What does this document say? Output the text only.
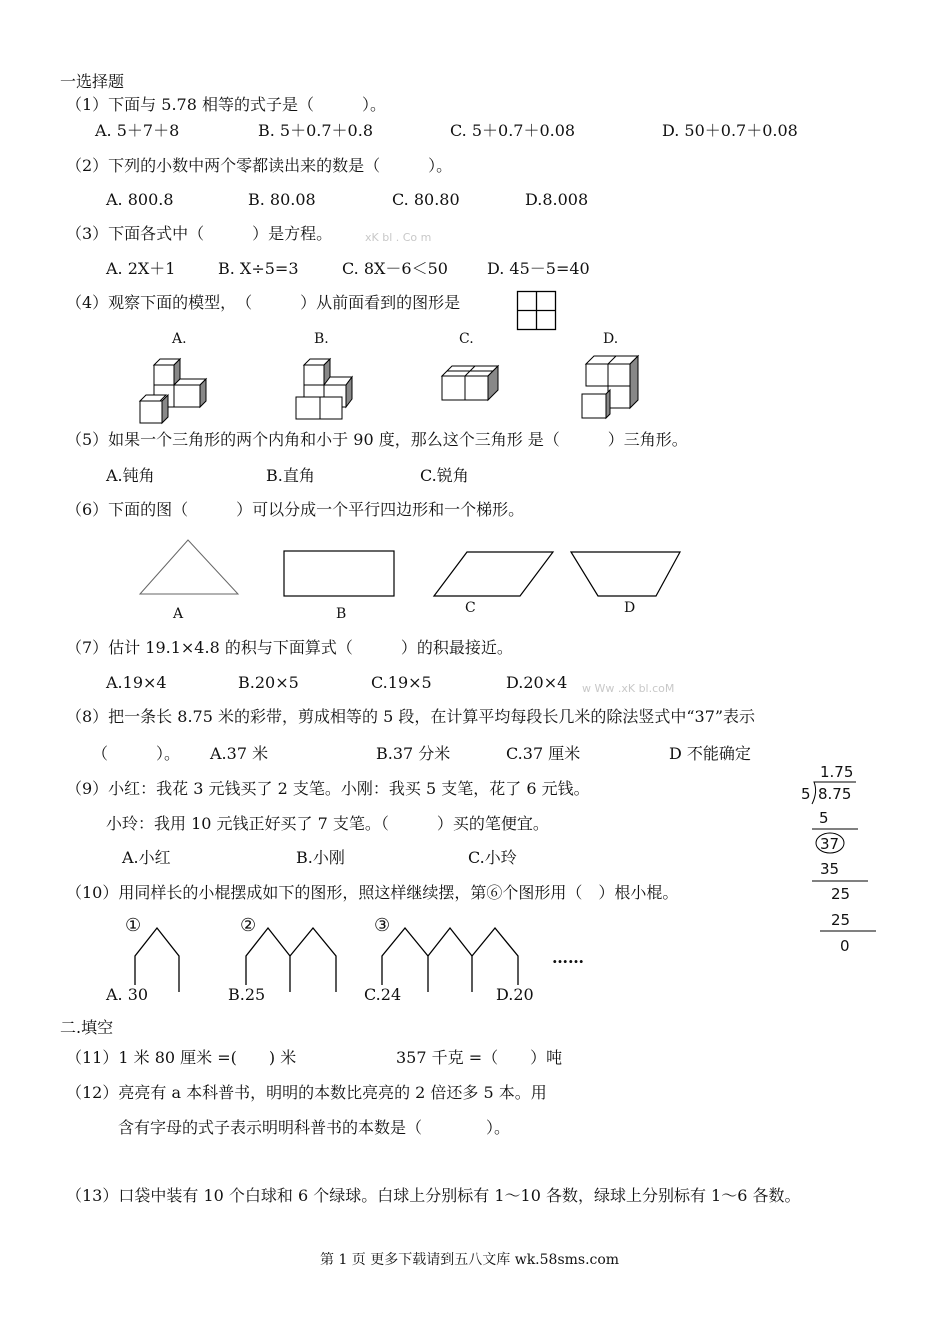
一选择题
（1）下面与 5.78 相等的式子是（　　　）。
A. 5＋7＋8	B. 5＋0.7＋0.8	C. 5＋0.7＋0.08	D. 50＋0.7＋0.08
（2）下列的小数中两个零都读出来的数是（　　　）。
A. 800.8	B. 80.08	C. 80.80	D.8.008
（3）下面各式中（　　　）是方程。	xK bl . Co m
A. 2X＋1	B. X÷5=3	C. 8X－6＜50 D. 45－5=40
（4）观察下面的模型，　（　　　）从前面看到的图形是
A.	B.	C.	D.
（5）如果一个三角形的两个内角和小于 90 度，那么这个三角形 是（　　　）三角形。
A.钝角	B.直角	C.锐角
（6）下面的图（　　　）可以分成一个平行四边形和一个梯形。
A	B	C	D
（7）估计 19.1×4.8 的积与下面算式（　　　）的积最接近。
A.19×4	B.20×5	C.19×5	D.20×4 w Ww .xK bl.coM
（8）把一条长 8.75 米的彩带，剪成相等的 5 段，在计算平均每段长几米的除法竖式中“37”表示
（　　　）。 A.37 米	B.37 分米	C.37 厘米	D 不能确定
1.75
5 8.75
5
37
35
25
25
0
（9）小红：我花 3 元钱买了 2 支笔。小刚：我买 5 支笔，花了 6 元钱。
小玲：我用 10 元钱正好买了 7 支笔。（　　　）买的笔便宜。
A.小红	B.小刚	C.小玲
（10）用同样长的小棍摆成如下的图形，照这样继续摆，第⑥个图形用（　）根小棍。
①	②	③
……
A. 30	B.25	C.24	D.20
二.填空
（11）1 米 80 厘米 =(　　) 米	357 千克 =（　　）吨
（12）亮亮有 a 本科普书，明明的本数比亮亮的 2 倍还多 5 本。用
含有字母的式子表示明明科普书的本数是（　　　　）。
（13）口袋中装有 10 个白球和 6 个绿球。白球上分别标有 1～10 各数，绿球上分别标有 1～6 各数。
第 1 页 更多下载请到五八文库 wk.58sms.com
